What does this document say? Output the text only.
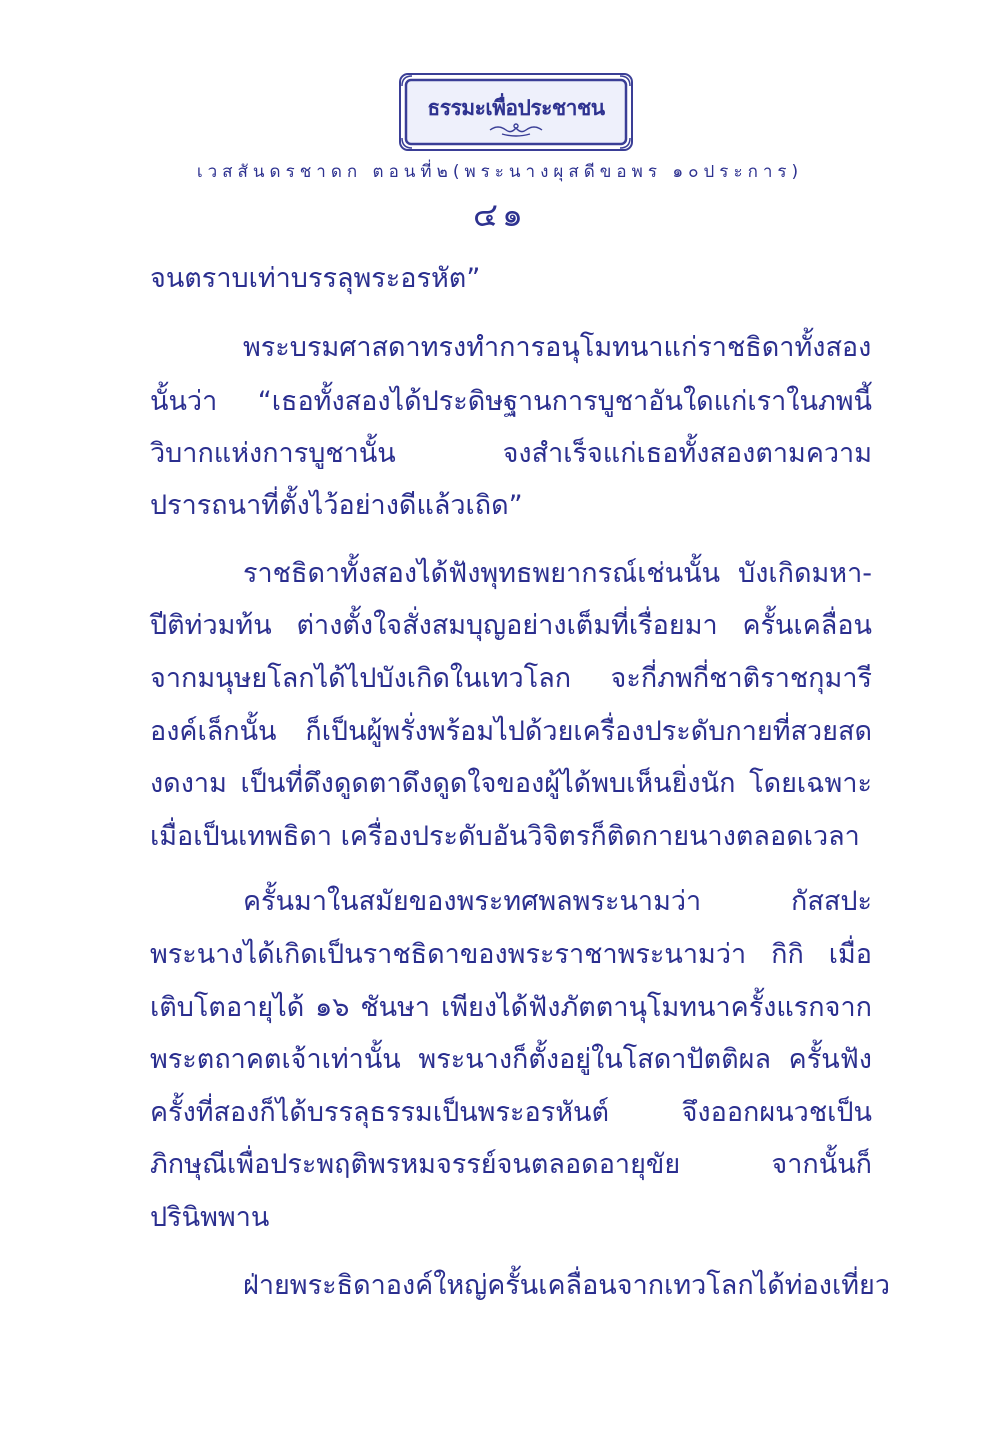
ธรรมะเพื่อประชาชน
เวสสันดรชาดก ตอนที่๒(พระนางผุสดีขอพร ๑๐ประการ)
๔๑
จนตราบเท่าบรรลุพระอรหัต”
พระบรมศาสดาทรงทำการอนุโมทนาแก่ราชธิดาทั้งสอง
นั้นว่า “เธอทั้งสองได้ประดิษฐานการบูชาอันใดแก่เราในภพนี้
วิบากแห่งการบูชานั้น จงสำเร็จแก่เธอทั้งสองตามความ
ปรารถนาที่ตั้งไว้อย่างดีแล้วเถิด”
ราชธิดาทั้งสองได้ฟังพุทธพยากรณ์เช่นนั้น บังเกิดมหา-
ปีติท่วมท้น ต่างตั้งใจสั่งสมบุญอย่างเต็มที่เรื่อยมา ครั้นเคลื่อน
จากมนุษยโลกได้ไปบังเกิดในเทวโลก จะกี่ภพกี่ชาติราชกุมารี
องค์เล็กนั้น ก็เป็นผู้พรั่งพร้อมไปด้วยเครื่องประดับกายที่สวยสด
งดงาม เป็นที่ดึงดูดตาดึงดูดใจของผู้ได้พบเห็นยิ่งนัก โดยเฉพาะ
เมื่อเป็นเทพธิดา เครื่องประดับอันวิจิตรก็ติดกายนางตลอดเวลา
ครั้นมาในสมัยของพระทศพลพระนามว่า กัสสปะ
พระนางได้เกิดเป็นราชธิดาของพระราชาพระนามว่า กิกิ เมื่อ
เติบโตอายุได้ ๑๖ ชันษา เพียงได้ฟังภัตตานุโมทนาครั้งแรกจาก
พระตถาคตเจ้าเท่านั้น พระนางก็ตั้งอยู่ในโสดาปัตติผล ครั้นฟัง
ครั้งที่สองก็ได้บรรลุธรรมเป็นพระอรหันต์ จึงออกผนวชเป็น
ภิกษุณีเพื่อประพฤติพรหมจรรย์จนตลอดอายุขัย จากนั้นก็
ปรินิพพาน
ฝ่ายพระธิดาองค์ใหญ่ครั้นเคลื่อนจากเทวโลกได้ท่องเที่ยว
